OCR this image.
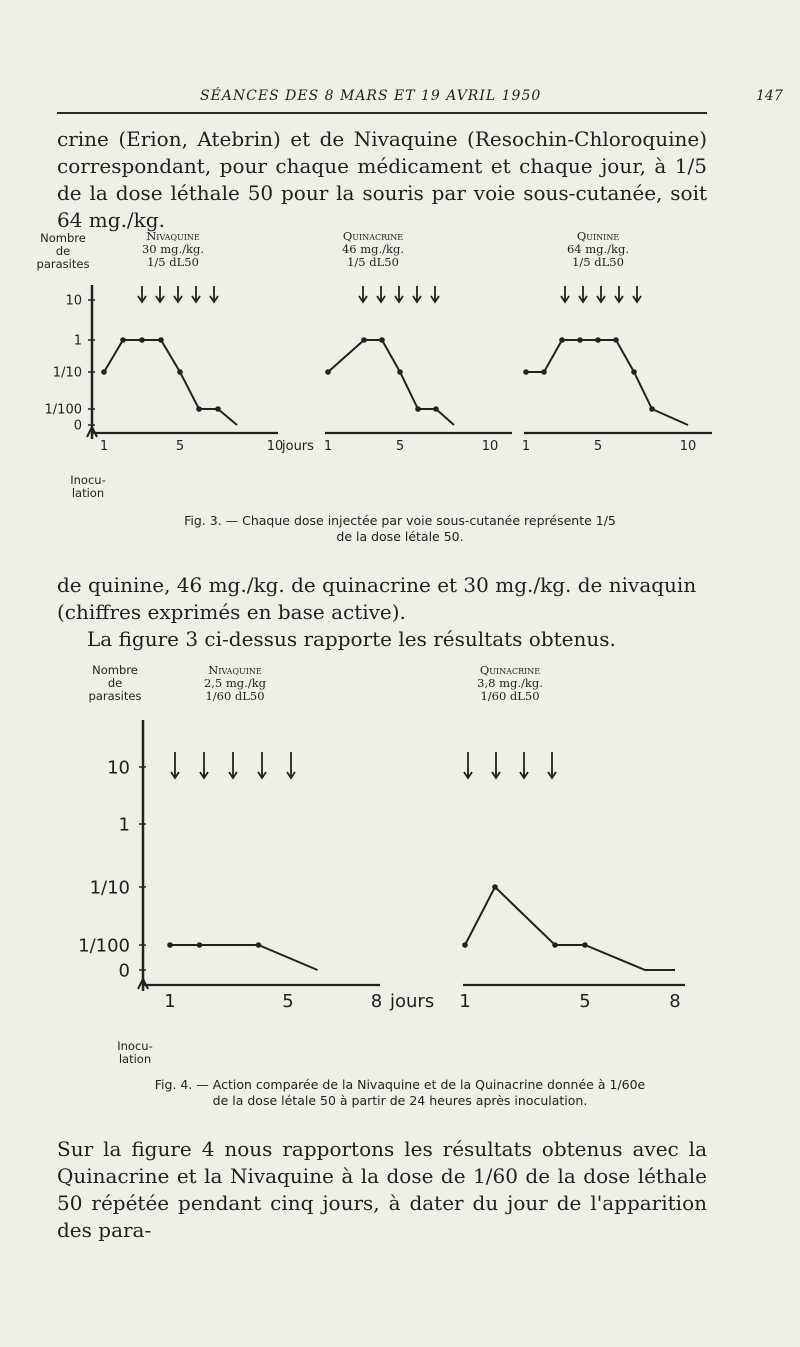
SÉANCES DES 8 MARS ET 19 AVRIL 1950	147
crine (Erion, Atebrin) et de Nivaquine (Resochin-Chloroquine) correspondant, pour chaque médicament et chaque jour, à 1/5 de la dose léthale 50 pour la souris par voie sous-cutanée, soit 64 mg./kg.
Nombre
de
parasites
Nivaquine
30 mg./kg.
1/5 dL50
Quinacrine
46 mg./kg.
1/5 dL50
Quinine
64 mg./kg.
1/5 dL50
10
1
1/10
1/100
0
1	5	10	1	5	10 1	5	10
jours
Inocu-
lation
Fig. 3. — Chaque dose injectée par voie sous-cutanée représente 1/5
de la dose létale 50.
de quinine, 46 mg./kg. de quinacrine et 30 mg./kg. de nivaquin
(chiffres exprimés en base active).
La figure 3 ci-dessus rapporte les résultats obtenus.
Nombre
de
parasites
Nivaquine
2,5 mg./kg
1/60 dL50
Quinacrine
3,8 mg./kg.
1/60 dL50
10
1
1/10
1/100
0
1	5	8	1	5	8
jours
Inocu-
lation
Fig. 4. — Action comparée de la Nivaquine et de la Quinacrine donnée à 1/60e
de la dose létale 50 à partir de 24 heures après inoculation.
Sur la figure 4 nous rapportons les résultats obtenus avec la Quinacrine et la Nivaquine à la dose de 1/60 de la dose léthale 50 répétée pendant cinq jours, à dater du jour de l'apparition des para-
